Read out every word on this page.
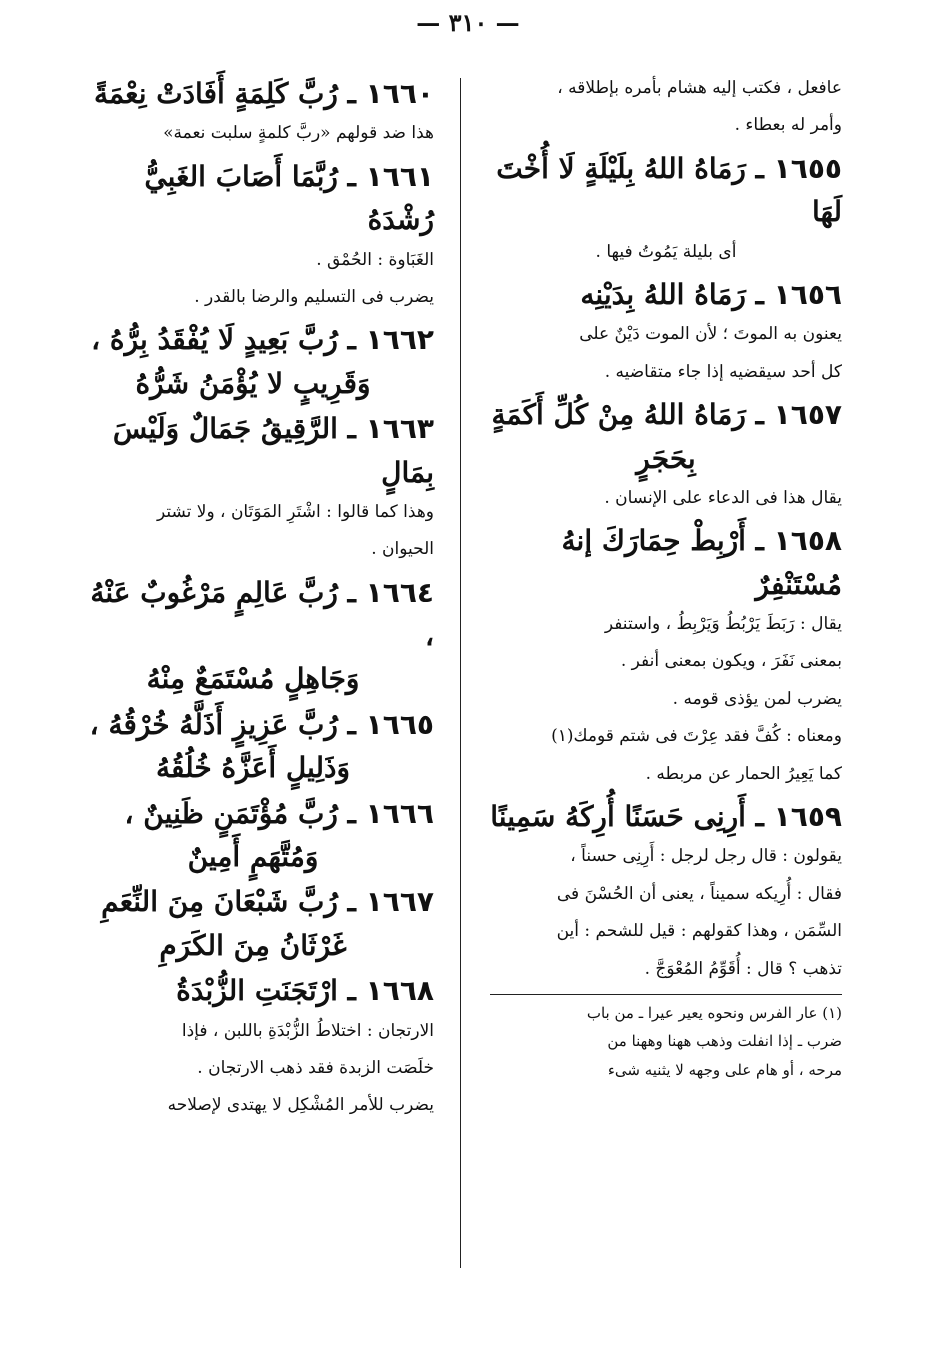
— ٣١٠ —

عافعل ، فكتب إليه هشام بأمره بإطلاقه ،

وأمر له بعطاء .

١٦٥٥ ـ رَمَاهُ اللهُ بِلَيْلَةٍ لَا أُخْتَ لَهَا

أى بليلة يَمُوتُ فيها .

١٦٥٦ ـ رَمَاهُ اللهُ بِدَيْنِه

يعنون به الموتَ ؛ لأن الموت دَيْنٌ على

كل أحد سيقضيه إذا جاء متقاضيه .

١٦٥٧ ـ رَمَاهُ اللهُ مِنْ كُلِّ أَكَمَةٍ

بِحَجَرٍ

يقال هذا فى الدعاء على الإنسان .

١٦٥٨ ـ أَرْبِطْ حِمَارَكَ إنهُ مُسْتَنْفِرٌ

يقال : رَبَطَ يَرْبُطُ وَيَرْبِطُ ، واستنفر

بمعنى نَفَرَ ، ويكون بمعنى أنفر .

يضرب لمن يؤذى قومه .

ومعناه : كُفَّ فقد عِرْتَ فى شتم قومك(١)

كما يَعِيرُ الحمار عن مربطه .

١٦٥٩ ـ أَرِنِى حَسَنًا أُرِكَهُ سَمِينًا

يقولون : قال رجل لرجل : أَرِنِى حسناً ،

فقال : أُرِيكه سميناً ، يعنى أن الحُسْنَ فى

السِّمَن ، وهذا كقولهم : قيل للشحم : أين

تذهب ؟ قال : أُقَوِّمُ المُعْوَجَّ .

(١) عار الفرس ونحوه يعير عيرا ـ من باب

ضرب ـ إذا انفلت وذهب ههنا وههنا من

مرحه ، أو هام على وجهه لا يثنيه شىء

١٦٦٠ ـ رُبَّ كَلِمَةٍ أَفَادَتْ نِعْمَةً

هذا ضد قولهم «ربَّ كلمةٍ سلبت نعمة»

١٦٦١ ـ رُبَّمَا أَصَابَ الغَبِيُّ رُشْدَهُ

الغَبَاوة : الحُمْق .

يضرب فى التسليم والرضا بالقدر .

١٦٦٢ ـ رُبَّ بَعِيدٍ لَا يُفْقَدُ بِرُّهُ ،

وَقَرِيبٍ لا يُؤْمَنُ شَرُّهُ

١٦٦٣ ـ الرَّقِيقُ جَمَالٌ وَلَيْسَ بِمَالٍ

وهذا كما قالوا : اشْتَرِ المَوَتَان ، ولا تشتر

الحيوان .

١٦٦٤ ـ رُبَّ عَالِمٍ مَرْغُوبٌ عَنْهُ ،

وَجَاهِلٍ مُسْتَمَعٌ مِنْهُ

١٦٦٥ ـ رُبَّ عَزِيزٍ أَذَلَّهُ خُرْقُهُ ،

وَذَلِيلٍ أَعَزَّهُ خُلُقُهُ

١٦٦٦ ـ رُبَّ مُؤْتَمَنٍ ظَنِينٌ ،

وَمُتَّهَمٍ أَمِينٌ

١٦٦٧ ـ رُبَّ شَبْعَانَ مِنَ النِّعَمِ

غَرْثَانُ مِنَ الكَرَمِ

١٦٦٨ ـ ارْتَجَنَتِ الزُّبْدَةُ

الارتجان : اختلاطُ الزُّبْدَةِ باللبن ، فإذا

خلَصَت الزبدة فقد ذهب الارتجان .

يضرب للأمر المُشْكِل لا يهتدى لإصلاحه
